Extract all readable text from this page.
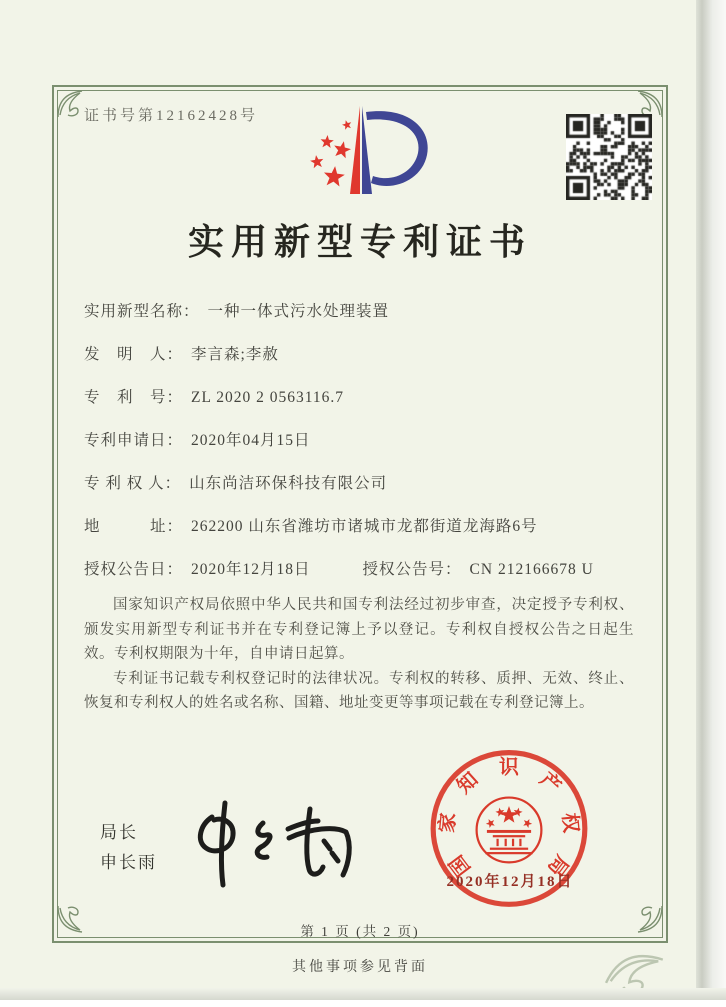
证书号第12162428号
实用新型专利证书
实用新型名称： 一种一体式污水处理装置
发　明　人： 李言森;李赦
专　利　号： ZL 2020 2 0563116.7
专利申请日： 2020年04月15日
专 利 权 人： 山东尚洁环保科技有限公司
地　　　址： 262200 山东省潍坊市诸城市龙都街道龙海路6号
授权公告日： 2020年12月18日	授权公告号： CN 212166678 U

国家知识产权局依照中华人民共和国专利法经过初步审查，决定授予专利权、颁发实用新型专利证书并在专利登记簿上予以登记。专利权自授权公告之日起生效。专利权期限为十年，自申请日起算。

专利证书记载专利权登记时的法律状况。专利权的转移、质押、无效、终止、恢复和专利权人的姓名或名称、国籍、地址变更等事项记载在专利登记簿上。

局长
申长雨	国
家
知
识
产
权
局
2020年12月18日
第 1 页 (共 2 页)
其他事项参见背面
